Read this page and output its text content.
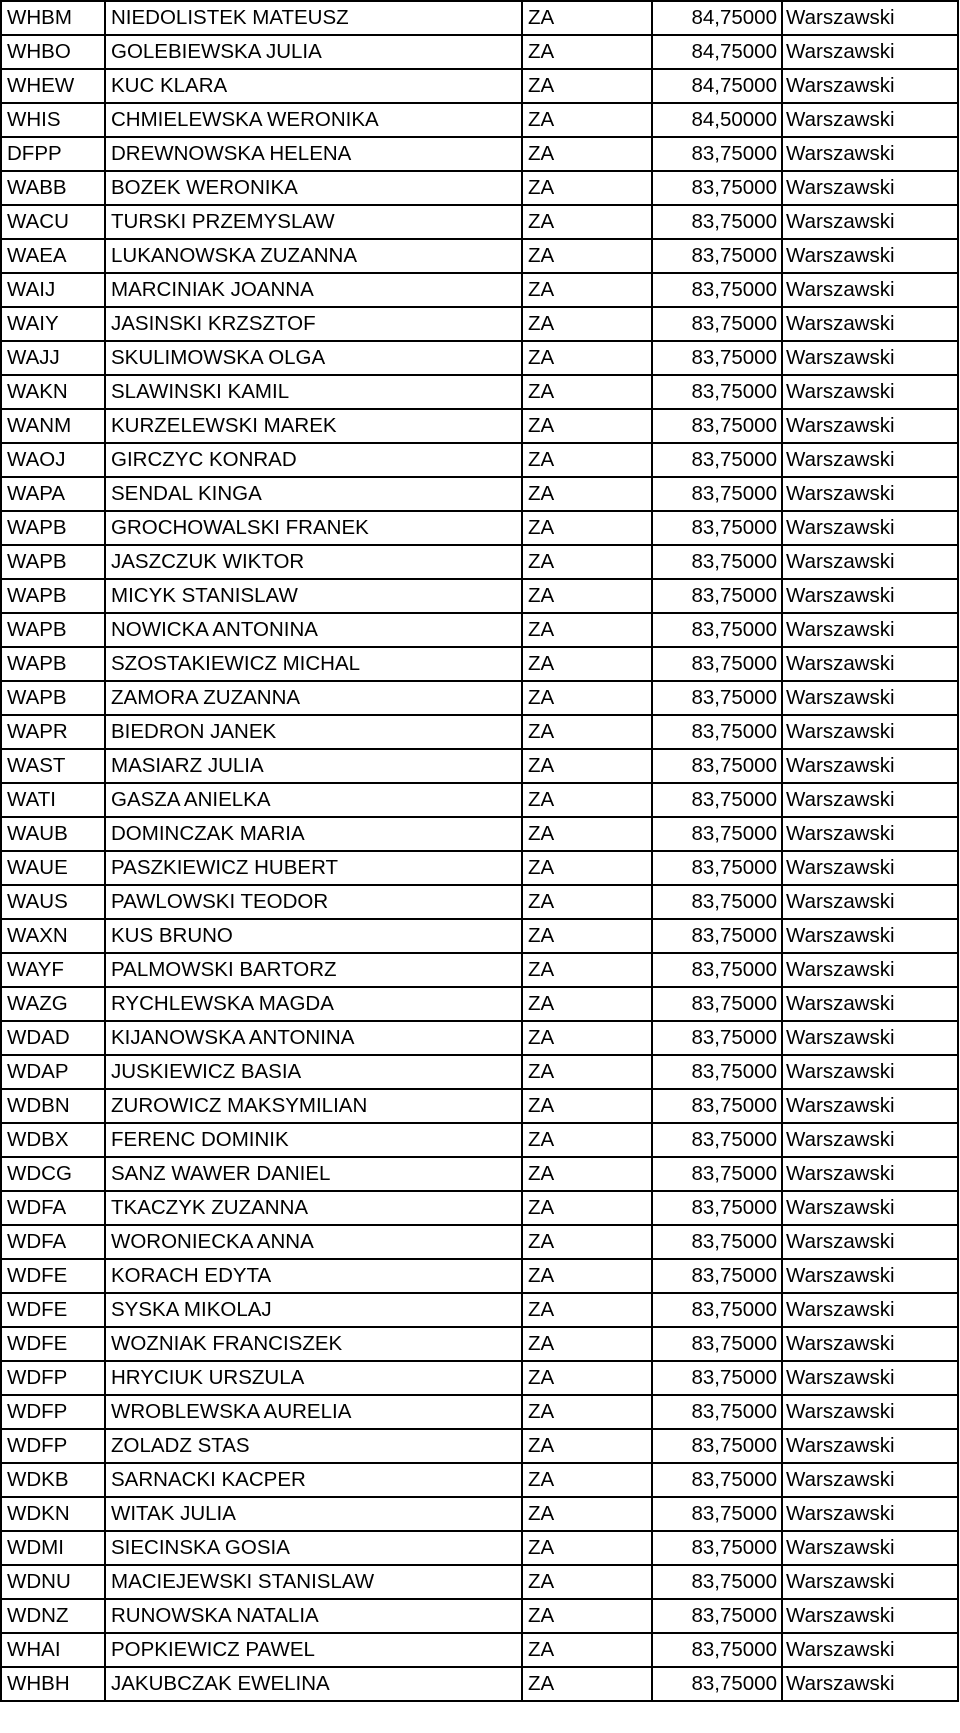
WHBM	NIEDOLISTEK MATEUSZ	ZA	84,75000	Warszawski
WHBO	GOLEBIEWSKA JULIA	ZA	84,75000	Warszawski
WHEW	KUC KLARA	ZA	84,75000	Warszawski
WHIS	CHMIELEWSKA WERONIKA	ZA	84,50000	Warszawski
DFPP	DREWNOWSKA HELENA	ZA	83,75000	Warszawski
WABB	BOZEK WERONIKA	ZA	83,75000	Warszawski
WACU	TURSKI PRZEMYSLAW	ZA	83,75000	Warszawski
WAEA	LUKANOWSKA ZUZANNA	ZA	83,75000	Warszawski
WAIJ	MARCINIAK JOANNA	ZA	83,75000	Warszawski
WAIY	JASINSKI KRZSZTOF	ZA	83,75000	Warszawski
WAJJ	SKULIMOWSKA OLGA	ZA	83,75000	Warszawski
WAKN	SLAWINSKI KAMIL	ZA	83,75000	Warszawski
WANM	KURZELEWSKI MAREK	ZA	83,75000	Warszawski
WAOJ	GIRCZYC KONRAD	ZA	83,75000	Warszawski
WAPA	SENDAL KINGA	ZA	83,75000	Warszawski
WAPB	GROCHOWALSKI FRANEK	ZA	83,75000	Warszawski
WAPB	JASZCZUK WIKTOR	ZA	83,75000	Warszawski
WAPB	MICYK STANISLAW	ZA	83,75000	Warszawski
WAPB	NOWICKA ANTONINA	ZA	83,75000	Warszawski
WAPB	SZOSTAKIEWICZ MICHAL	ZA	83,75000	Warszawski
WAPB	ZAMORA ZUZANNA	ZA	83,75000	Warszawski
WAPR	BIEDRON JANEK	ZA	83,75000	Warszawski
WAST	MASIARZ JULIA	ZA	83,75000	Warszawski
WATI	GASZA ANIELKA	ZA	83,75000	Warszawski
WAUB	DOMINCZAK MARIA	ZA	83,75000	Warszawski
WAUE	PASZKIEWICZ HUBERT	ZA	83,75000	Warszawski
WAUS	PAWLOWSKI TEODOR	ZA	83,75000	Warszawski
WAXN	KUS BRUNO	ZA	83,75000	Warszawski
WAYF	PALMOWSKI BARTORZ	ZA	83,75000	Warszawski
WAZG	RYCHLEWSKA MAGDA	ZA	83,75000	Warszawski
WDAD	KIJANOWSKA ANTONINA	ZA	83,75000	Warszawski
WDAP	JUSKIEWICZ BASIA	ZA	83,75000	Warszawski
WDBN	ZUROWICZ MAKSYMILIAN	ZA	83,75000	Warszawski
WDBX	FERENC DOMINIK	ZA	83,75000	Warszawski
WDCG	SANZ WAWER DANIEL	ZA	83,75000	Warszawski
WDFA	TKACZYK ZUZANNA	ZA	83,75000	Warszawski
WDFA	WORONIECKA ANNA	ZA	83,75000	Warszawski
WDFE	KORACH EDYTA	ZA	83,75000	Warszawski
WDFE	SYSKA MIKOLAJ	ZA	83,75000	Warszawski
WDFE	WOZNIAK FRANCISZEK	ZA	83,75000	Warszawski
WDFP	HRYCIUK URSZULA	ZA	83,75000	Warszawski
WDFP	WROBLEWSKA AURELIA	ZA	83,75000	Warszawski
WDFP	ZOLADZ STAS	ZA	83,75000	Warszawski
WDKB	SARNACKI KACPER	ZA	83,75000	Warszawski
WDKN	WITAK JULIA	ZA	83,75000	Warszawski
WDMI	SIECINSKA GOSIA	ZA	83,75000	Warszawski
WDNU	MACIEJEWSKI STANISLAW	ZA	83,75000	Warszawski
WDNZ	RUNOWSKA NATALIA	ZA	83,75000	Warszawski
WHAI	POPKIEWICZ PAWEL	ZA	83,75000	Warszawski
WHBH	JAKUBCZAK EWELINA	ZA	83,75000	Warszawski
